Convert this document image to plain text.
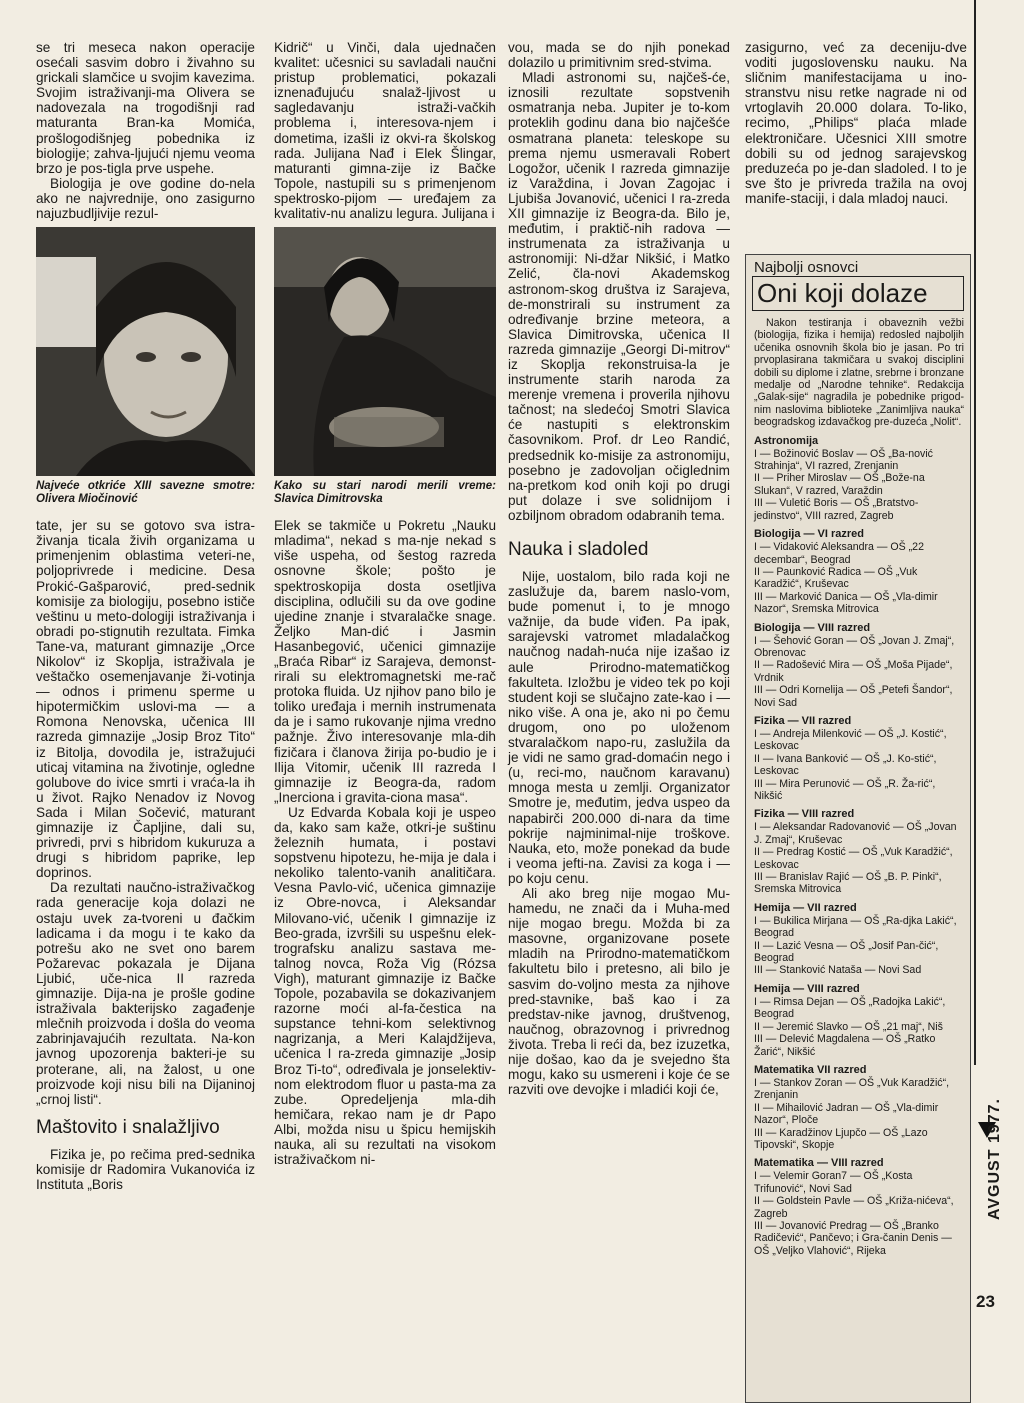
se tri meseca nakon operacije osećali sasvim dobro i živahno su grickali slamčice u svojim kavezima. Svojim istraživanji-ma Olivera se nadovezala na trogodišnji rad maturanta Bran-ka Momića, prošlogodišnjeg pobednika iz biologije; zahva-ljujući njemu veoma brzo je pos-tigla prve uspehe.

Biologija je ove godine do-nela ako ne najvrednije, ono zasigurno najuzbudljivije rezul-

Najveće otkriće XIII savezne smotre: Olivera Miočinović

tate, jer su se gotovo sva istra-živanja ticala živih organizama u primenjenim oblastima veteri-ne, poljoprivrede i medicine. Desa Prokić-Gašparović, pred-sednik komisije za biologiju, posebno ističe veštinu u meto-dologiji istraživanja i obradi po-stignutih rezultata. Fimka Tane-va, maturant gimnazije „Orce Nikolov“ iz Skoplja, istraživala je veštačko osemenjavanje ži-votinja — odnos i primenu sperme u hipotermičkim uslovi-ma — a Romona Nenovska, učenica III razreda gimnazije „Josip Broz Tito“ iz Bitolja, dovodila je, istražujući uticaj vitamina na životinje, ogledne golubove do ivice smrti i vraća-la ih u život. Rajko Nenadov iz Novog Sada i Milan Sočević, maturant gimnazije iz Čapljine, dali su, privredi, prvi s hibridom kukuruza a drugi s hibridom paprike, lep doprinos.

Da rezultati naučno-istraživačkog rada generacije koja dolazi ne ostaju uvek za-tvoreni u đačkim ladicama i da mogu i te kako da potrešu ako ne svet ono barem Požarevac pokazala je Dijana Ljubić, uče-nica II razreda gimnazije. Dija-na je prošle godine istraživala bakterijsko zagađenje mlečnih proizvoda i došla do veoma zabrinjavajućih rezultata. Na-kon javnog upozorenja bakteri-je su proterane, ali, na žalost, u one proizvode koji nisu bili na Dijaninoj „crnoj listi“.

Maštovito i snalažljivo

Fizika je, po rečima pred-sednika komisije dr Radomira Vukanovića iz Instituta „Boris

Kidrič“ u Vinči, dala ujednačen kvalitet: učesnici su savladali naučni pristup problematici, pokazali iznenađujuću snalaž-ljivost u sagledavanju istraži-vačkih problema i, interesova-njem i dometima, izašli iz okvi-ra školskog rada. Julijana Nađ i Elek Šlingar, maturanti gimna-zije iz Bačke Topole, nastupili su s primenjenom spektrosko-pijom — uređajem za kvalitativ-nu analizu legura. Julijana i

Kako su stari narodi merili vreme: Slavica Dimitrovska

Elek se takmiče u Pokretu „Nauku mladima“, nekad s ma-nje nekad s više uspeha, od šestog razreda osnovne škole; pošto je spektroskopija dosta osetljiva disciplina, odlučili su da ove godine ujedine znanje i stvaralačke snage. Željko Man-dić i Jasmin Hasanbegović, učenici gimnazije „Braća Ribar“ iz Sarajeva, demonst-rirali su elektromagnetski me-rač protoka fluida. Uz njihov pano bilo je toliko uređaja i mernih instrumenata da je i samo rukovanje njima vredno pažnje. Živo interesovanje mla-dih fizičara i članova žirija po-budio je i Ilija Vitomir, učenik III razreda I gimnazije iz Beogra-da, radom „Inerciona i gravita-ciona masa“.

Uz Edvarda Kobala koji je uspeo da, kako sam kaže, otkri-je suštinu železnih humata, i postavi sopstvenu hipotezu, he-mija je dala i nekoliko talento-vanih analitičara. Vesna Pavlo-vić, učenica gimnazije iz Obre-novca, i Aleksandar Milovano-vić, učenik I gimnazije iz Beo-grada, izvršili su uspešnu elek-trografsku analizu sastava me-talnog novca, Roža Vig (Rózsa Vigh), maturant gimnazije iz Bačke Topole, pozabavila se dokazivanjem razorne moći al-fa-čestica na supstance tehni-kom selektivnog nagrizanja, a Meri Kalajdžijeva, učenica I ra-zreda gimnazije „Josip Broz Ti-to“, određivala je jonselektiv-nom elektrodom fluor u pasta-ma za zube. Opredeljenja mla-dih hemičara, rekao nam je dr Papo Albi, možda nisu u špicu hemijskih nauka, ali su rezultati na visokom istraživačkom ni-

vou, mada se do njih ponekad dolazilo u primitivnim sred-stvima.

Mladi astronomi su, najčeš-će, iznosili rezultate sopstvenih osmatranja neba. Jupiter je to-kom proteklih godinu dana bio najčešće osmatrana planeta: teleskope su prema njemu usmeravali Robert Logožor, učenik I razreda gimnazije iz Varaždina, i Jovan Zagojac i Ljubiša Jovanović, učenici I ra-zreda XII gimnazije iz Beogra-da. Bilo je, međutim, i praktič-nih radova — instrumenata za istraživanja u astronomiji: Ni-džar Nikšić, i Matko Zelić, čla-novi Akademskog astronom-skog društva iz Sarajeva, de-monstrirali su instrument za određivanje brzine meteora, a Slavica Dimitrovska, učenica II razreda gimnazije „Georgi Di-mitrov“ iz Skoplja rekonstruisa-la je instrumente starih naroda za merenje vremena i proverila njihovu tačnost; na sledećoj Smotri Slavica će nastupiti s elektronskim časovnikom. Prof. dr Leo Randić, predsednik ko-misije za astronomiju, posebno je zadovoljan očiglednim na-pretkom kod onih koji po drugi put dolaze i sve solidnijom i ozbiljnom obradom odabranih tema.

Nauka i sladoled

Nije, uostalom, bilo rada koji ne zaslužuje da, barem naslo-vom, bude pomenut i, to je mnogo važnije, da bude viđen. Pa ipak, sarajevski vatromet mladalačkog naučnog nadah-nuća nije izašao iz aule Prirodno-matematičkog fakulteta. Izložbu je video tek po koji student koji se slučajno zate-kao i — niko više. A ona je, ako ni po čemu drugom, ono po uloženom stvaralačkom napo-ru, zaslužila da je vidi ne samo grad-domaćin nego i (u, reci-mo, naučnom karavanu) mnoga mesta u zemlji. Organizator Smotre je, međutim, jedva uspeo da napabirči 200.000 di-nara da time pokrije najminimal-nije troškove. Nauka, eto, može ponekad da bude i veoma jefti-na. Zavisi za koga i — po koju cenu.

Ali ako breg nije mogao Mu-hamedu, ne znači da i Muha-med nije mogao bregu. Možda bi za masovne, organizovane posete mladih na Prirodno-matematičkom fakultetu bilo i pretesno, ali bilo je sasvim do-voljno mesta za njihove pred-stavnike, baš kao i za predstav-nike javnog, društvenog, naučnog, obrazovnog i privrednog života. Treba li reći da, bez izuzetka, nije došao, kao da je svejedno šta mogu, kako su usmereni i koje će se razviti ove devojke i mladići koji će,

zasigurno, već za deceniju-dve voditi jugoslovensku nauku. Na sličnim manifestacijama u ino-stranstvu nisu retke nagrade ni od vrtoglavih 20.000 dolara. To-liko, recimo, „Philips“ plaća mlade elektroničare. Učesnici XIII smotre dobili su od jednog sarajevskog preduzeća po je-dan sladoled. I to je sve što je privreda tražila na ovoj manife-staciji, i dala mladoj nauci.

Najbolji osnovci
Oni koji dolaze
Nakon testiranja i obaveznih vežbi (biologija, fizika i hemija) redosled najboljih učenika osnovnih škola bio je jasan. Po tri prvoplasirana takmičara u svakoj disciplini dobili su diplome i zlatne, srebrne i bronzane medalje od „Narodne tehnike“. Redakcija „Galak-sije“ nagradila je pobednike prigod-nim naslovima biblioteke „Zanimljiva nauka“ beogradskog izdavačkog pre-duzeća „Nolit“.
Astronomija
I — Božinović Boslav — OŠ „Ba-nović Strahinja“, VI razred, Zrenjanin
II — Priher Miroslav — OŠ „Bože-na Slukan“, V razred, Varaždin
III — Vuletić Boris — OŠ „Bratstvo-jedinstvo“, VIII razred, Zagreb
Biologija — VI razred
I — Vidaković Aleksandra — OŠ „22 decembar“, Beograd
II — Paunković Radica — OŠ „Vuk Karadžić“, Kruševac
III — Marković Danica — OŠ „Vla-dimir Nazor“, Sremska Mitrovica
Biologija — VIII razred
I — Šehović Goran — OŠ „Jovan J. Zmaj“, Obrenovac
II — Radošević Mira — OŠ „Moša Pijade“, Vrdnik
III — Odri Kornelija — OŠ „Petefi Šandor“, Novi Sad
Fizika — VII razred
I — Andreja Milenković — OŠ „J. Kostić“, Leskovac
II — Ivana Banković — OŠ „J. Ko-stić“, Leskovac
III — Mira Perunović — OŠ „R. Ža-rić“, Nikšić
Fizika — VIII razred
I — Aleksandar Radovanović — OŠ „Jovan J. Zmaj“, Kruševac
II — Predrag Kostić — OŠ „Vuk Karadžić“, Leskovac
III — Branislav Rajić — OŠ „B. P. Pinki“, Sremska Mitrovica
Hemija — VII razred
I — Bukilica Mirjana — OŠ „Ra-djka Lakić“, Beograd
II — Lazić Vesna — OŠ „Josif Pan-čić“, Beograd
III — Stanković Nataša — Novi Sad
Hemija — VIII razred
I — Rimsa Dejan — OŠ „Radojka Lakić“, Beograd
II — Jeremić Slavko — OŠ „21 maj“, Niš
III — Delević Magdalena — OŠ „Ratko Žarić“, Nikšić
Matematika VII razred
I — Stankov Zoran — OŠ „Vuk Karadžić“, Zrenjanin
II — Mihailović Jadran — OŠ „Vla-dimir Nazor“, Ploče
III — Karadžinov Ljupčo — OŠ „Lazo Tipovski“, Skopje
Matematika — VIII razred
I — Velemir Goran7 — OŠ „Kosta Trifunović“, Novi Sad
II — Goldstein Pavle — OŠ „Križa-nićeva“, Zagreb
III — Jovanović Predrag — OŠ „Branko Radičević“, Pančevo; i Gra-čanin Denis — OŠ „Veljko Vlahović“, Rijeka
AVGUST 1977.
23
